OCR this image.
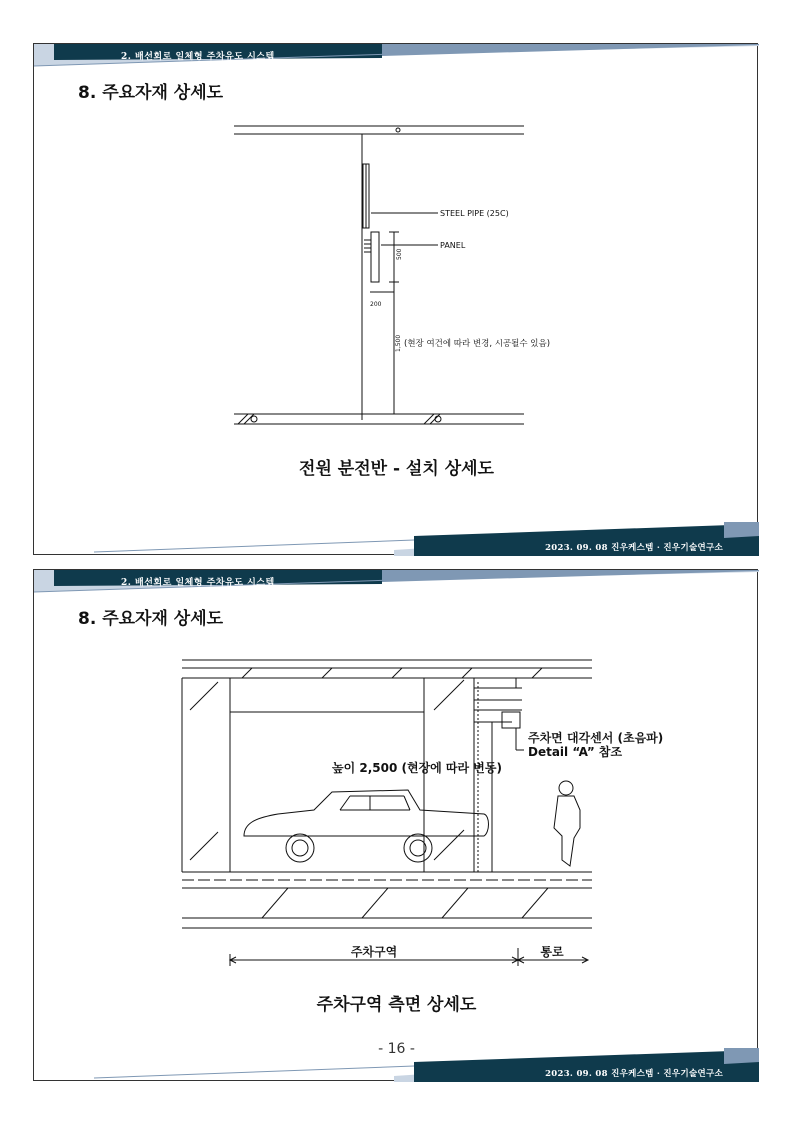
2. 배선회로 일체형 주차유도 시스템
8. 주요자재 상세도
STEEL PIPE (25C)
PANEL
500
200
1,500 (현장 여건에 따라 변경, 시공될수 있음)
전원 분전반 - 설치 상세도
2023. 09. 08 진우케스템 · 진우기술연구소
2. 배선회로 일체형 주차유도 시스템
8. 주요자재 상세도
주차면 대각센서 (초음파)
Detail “A” 참조
높이 2,500 (현장에 따라 변동)
주차구역	통로
주차구역 측면 상세도
- 16 -
2023. 09. 08 진우케스템 · 진우기술연구소
